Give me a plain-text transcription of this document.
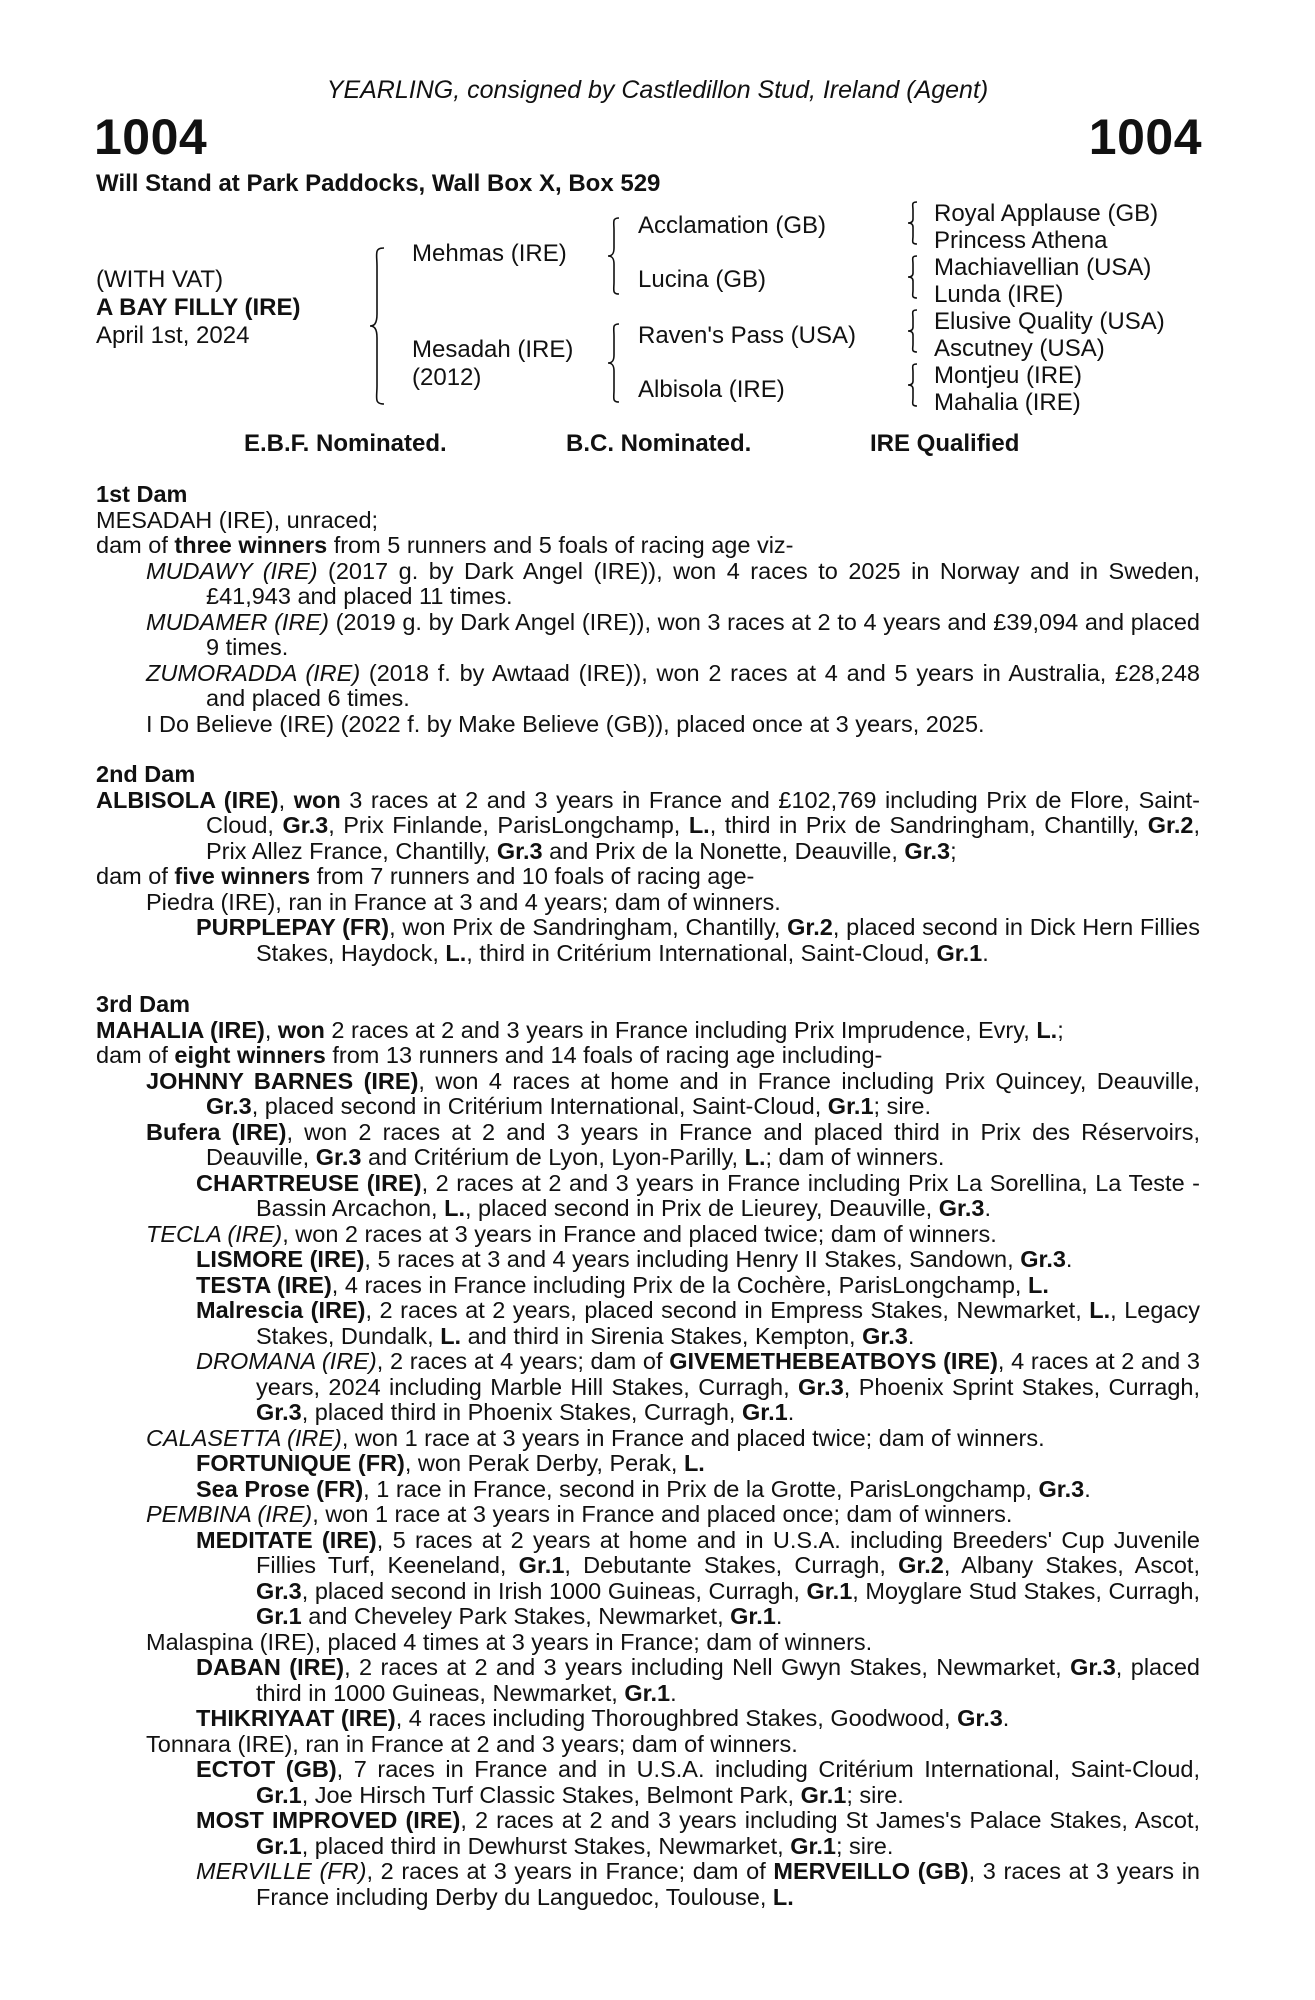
YEARLING, consigned by Castledillon Stud, Ireland (Agent)
1004	1004
Will Stand at Park Paddocks, Wall Box X, Box 529
(WITH VAT)
A BAY FILLY (IRE)
April 1st, 2024
Mehmas (IRE)
Mesadah (IRE)
(2012)
Acclamation (GB)
Lucina (GB)
Raven's Pass (USA)
Albisola (IRE)
Royal Applause (GB)
Princess Athena
Machiavellian (USA)
Lunda (IRE)
Elusive Quality (USA)
Ascutney (USA)
Montjeu (IRE)
Mahalia (IRE)
E.B.F. Nominated.	B.C. Nominated.	IRE Qualified
1st Dam
MESADAH (IRE), unraced;
dam of three winners from 5 runners and 5 foals of racing age viz-
MUDAWY (IRE) (2017 g. by Dark Angel (IRE)), won 4 races to 2025 in Norway and in Sweden, £41,943 and placed 11 times.
MUDAMER (IRE) (2019 g. by Dark Angel (IRE)), won 3 races at 2 to 4 years and £39,094 and placed 9 times.
ZUMORADDA (IRE) (2018 f. by Awtaad (IRE)), won 2 races at 4 and 5 years in Australia, £28,248 and placed 6 times.
I Do Believe (IRE) (2022 f. by Make Believe (GB)), placed once at 3 years, 2025.
2nd Dam
ALBISOLA (IRE), won 3 races at 2 and 3 years in France and £102,769 including Prix de Flore, Saint-Cloud, Gr.3, Prix Finlande, ParisLongchamp, L., third in Prix de Sandringham, Chantilly, Gr.2, Prix Allez France, Chantilly, Gr.3 and Prix de la Nonette, Deauville, Gr.3;
dam of five winners from 7 runners and 10 foals of racing age-
Piedra (IRE), ran in France at 3 and 4 years; dam of winners.
PURPLEPAY (FR), won Prix de Sandringham, Chantilly, Gr.2, placed second in Dick Hern Fillies Stakes, Haydock, L., third in Critérium International, Saint-Cloud, Gr.1.
3rd Dam
MAHALIA (IRE), won 2 races at 2 and 3 years in France including Prix Imprudence, Evry, L.;
dam of eight winners from 13 runners and 14 foals of racing age including-
JOHNNY BARNES (IRE), won 4 races at home and in France including Prix Quincey, Deauville, Gr.3, placed second in Critérium International, Saint-Cloud, Gr.1; sire.
Bufera (IRE), won 2 races at 2 and 3 years in France and placed third in Prix des Réservoirs, Deauville, Gr.3 and Critérium de Lyon, Lyon-Parilly, L.; dam of winners.
CHARTREUSE (IRE), 2 races at 2 and 3 years in France including Prix La Sorellina, La Teste - Bassin Arcachon, L., placed second in Prix de Lieurey, Deauville, Gr.3.
TECLA (IRE), won 2 races at 3 years in France and placed twice; dam of winners.
LISMORE (IRE), 5 races at 3 and 4 years including Henry II Stakes, Sandown, Gr.3.
TESTA (IRE), 4 races in France including Prix de la Cochère, ParisLongchamp, L.
Malrescia (IRE), 2 races at 2 years, placed second in Empress Stakes, Newmarket, L., Legacy Stakes, Dundalk, L. and third in Sirenia Stakes, Kempton, Gr.3.
DROMANA (IRE), 2 races at 4 years; dam of GIVEMETHEBEATBOYS (IRE), 4 races at 2 and 3 years, 2024 including Marble Hill Stakes, Curragh, Gr.3, Phoenix Sprint Stakes, Curragh, Gr.3, placed third in Phoenix Stakes, Curragh, Gr.1.
CALASETTA (IRE), won 1 race at 3 years in France and placed twice; dam of winners.
FORTUNIQUE (FR), won Perak Derby, Perak, L.
Sea Prose (FR), 1 race in France, second in Prix de la Grotte, ParisLongchamp, Gr.3.
PEMBINA (IRE), won 1 race at 3 years in France and placed once; dam of winners.
MEDITATE (IRE), 5 races at 2 years at home and in U.S.A. including Breeders' Cup Juvenile Fillies Turf, Keeneland, Gr.1, Debutante Stakes, Curragh, Gr.2, Albany Stakes, Ascot, Gr.3, placed second in Irish 1000 Guineas, Curragh, Gr.1, Moyglare Stud Stakes, Curragh, Gr.1 and Cheveley Park Stakes, Newmarket, Gr.1.
Malaspina (IRE), placed 4 times at 3 years in France; dam of winners.
DABAN (IRE), 2 races at 2 and 3 years including Nell Gwyn Stakes, Newmarket, Gr.3, placed third in 1000 Guineas, Newmarket, Gr.1.
THIKRIYAAT (IRE), 4 races including Thoroughbred Stakes, Goodwood, Gr.3.
Tonnara (IRE), ran in France at 2 and 3 years; dam of winners.
ECTOT (GB), 7 races in France and in U.S.A. including Critérium International, Saint-Cloud, Gr.1, Joe Hirsch Turf Classic Stakes, Belmont Park, Gr.1; sire.
MOST IMPROVED (IRE), 2 races at 2 and 3 years including St James's Palace Stakes, Ascot, Gr.1, placed third in Dewhurst Stakes, Newmarket, Gr.1; sire.
MERVILLE (FR), 2 races at 3 years in France; dam of MERVEILLO (GB), 3 races at 3 years in France including Derby du Languedoc, Toulouse, L.
